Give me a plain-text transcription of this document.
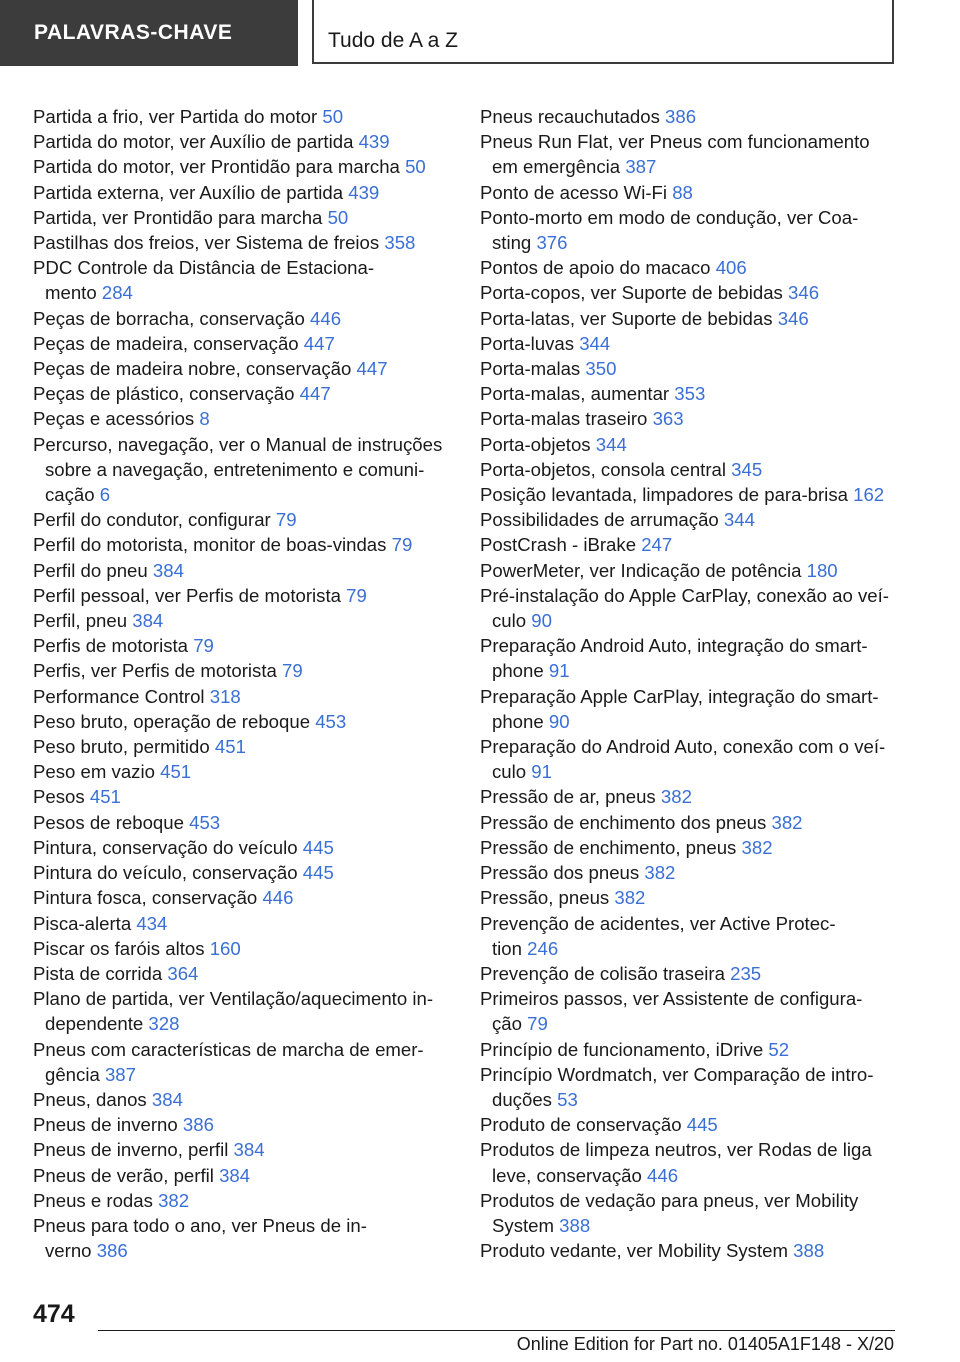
PALAVRAS-CHAVE	Tudo de A a Z
Partida a frio, ver Partida do motor 50
Partida do motor, ver Auxílio de partida 439
Partida do motor, ver Prontidão para marcha 50
Partida externa, ver Auxílio de partida 439
Partida, ver Prontidão para marcha 50
Pastilhas dos freios, ver Sistema de freios 358
PDC Controle da Distância de Estaciona-
mento 284
Peças de borracha, conservação 446
Peças de madeira, conservação 447
Peças de madeira nobre, conservação 447
Peças de plástico, conservação 447
Peças e acessórios 8
Percurso, navegação, ver o Manual de instruções
sobre a navegação, entretenimento e comuni-
cação 6
Perfil do condutor, configurar 79
Perfil do motorista, monitor de boas-vindas 79
Perfil do pneu 384
Perfil pessoal, ver Perfis de motorista 79
Perfil, pneu 384
Perfis de motorista 79
Perfis, ver Perfis de motorista 79
Performance Control 318
Peso bruto, operação de reboque 453
Peso bruto, permitido 451
Peso em vazio 451
Pesos 451
Pesos de reboque 453
Pintura, conservação do veículo 445
Pintura do veículo, conservação 445
Pintura fosca, conservação 446
Pisca-alerta 434
Piscar os faróis altos 160
Pista de corrida 364
Plano de partida, ver Ventilação/aquecimento in-
dependente 328
Pneus com características de marcha de emer-
gência 387
Pneus, danos 384
Pneus de inverno 386
Pneus de inverno, perfil 384
Pneus de verão, perfil 384
Pneus e rodas 382
Pneus para todo o ano, ver Pneus de in-
verno 386
Pneus recauchutados 386
Pneus Run Flat, ver Pneus com funcionamento
em emergência 387
Ponto de acesso Wi-Fi 88
Ponto-morto em modo de condução, ver Coa-
sting 376
Pontos de apoio do macaco 406
Porta-copos, ver Suporte de bebidas 346
Porta-latas, ver Suporte de bebidas 346
Porta-luvas 344
Porta-malas 350
Porta-malas, aumentar 353
Porta-malas traseiro 363
Porta-objetos 344
Porta-objetos, consola central 345
Posição levantada, limpadores de para-brisa 162
Possibilidades de arrumação 344
PostCrash - iBrake 247
PowerMeter, ver Indicação de potência 180
Pré-instalação do Apple CarPlay, conexão ao veí-
culo 90
Preparação Android Auto, integração do smart-
phone 91
Preparação Apple CarPlay, integração do smart-
phone 90
Preparação do Android Auto, conexão com o veí-
culo 91
Pressão de ar, pneus 382
Pressão de enchimento dos pneus 382
Pressão de enchimento, pneus 382
Pressão dos pneus 382
Pressão, pneus 382
Prevenção de acidentes, ver Active Protec-
tion 246
Prevenção de colisão traseira 235
Primeiros passos, ver Assistente de configura-
ção 79
Princípio de funcionamento, iDrive 52
Princípio Wordmatch, ver Comparação de intro-
duções 53
Produto de conservação 445
Produtos de limpeza neutros, ver Rodas de liga
leve, conservação 446
Produtos de vedação para pneus, ver Mobility
System 388
Produto vedante, ver Mobility System 388
474
Online Edition for Part no. 01405A1F148 - X/20
